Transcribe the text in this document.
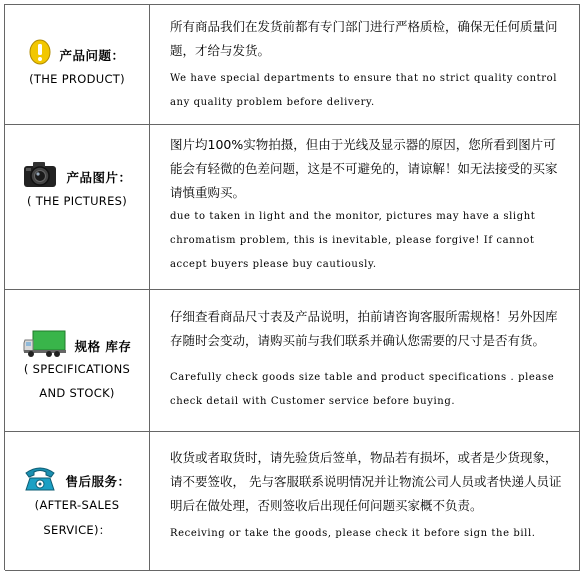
产品问题：
(THE PRODUCT)
所有商品我们在发货前都有专门部门进行严格质检，确保无任何质量问题，才给与发货。
We have special departments to ensure that no strict quality control any quality problem before delivery.
产品图片：
( THE PICTURES)
图片均100%实物拍摄，但由于光线及显示器的原因，您所看到图片可能会有轻微的色差问题，这是不可避免的，请谅解！如无法接受的买家请慎重购买。
due to taken in light and the monitor, pictures may have a slight chromatism problem, this is inevitable, please forgive! If cannot accept buyers please buy cautiously.
规格 库存
( SPECIFICATIONS
AND STOCK)
仔细查看商品尺寸表及产品说明，拍前请咨询客服所需规格！另外因库存随时会变动，请购买前与我们联系并确认您需要的尺寸是否有货。
Carefully check goods size table and product specifications . please check detail with Customer service before buying.
售后服务：
(AFTER-SALES
SERVICE)：
收货或者取货时，请先验货后签单，物品若有损坏，或者是少货现象，请不要签收， 先与客服联系说明情况并让物流公司人员或者快递人员证明后在做处理，否则签收后出现任何问题买家概不负责。
Receiving or take the goods, please check it before sign the bill.
